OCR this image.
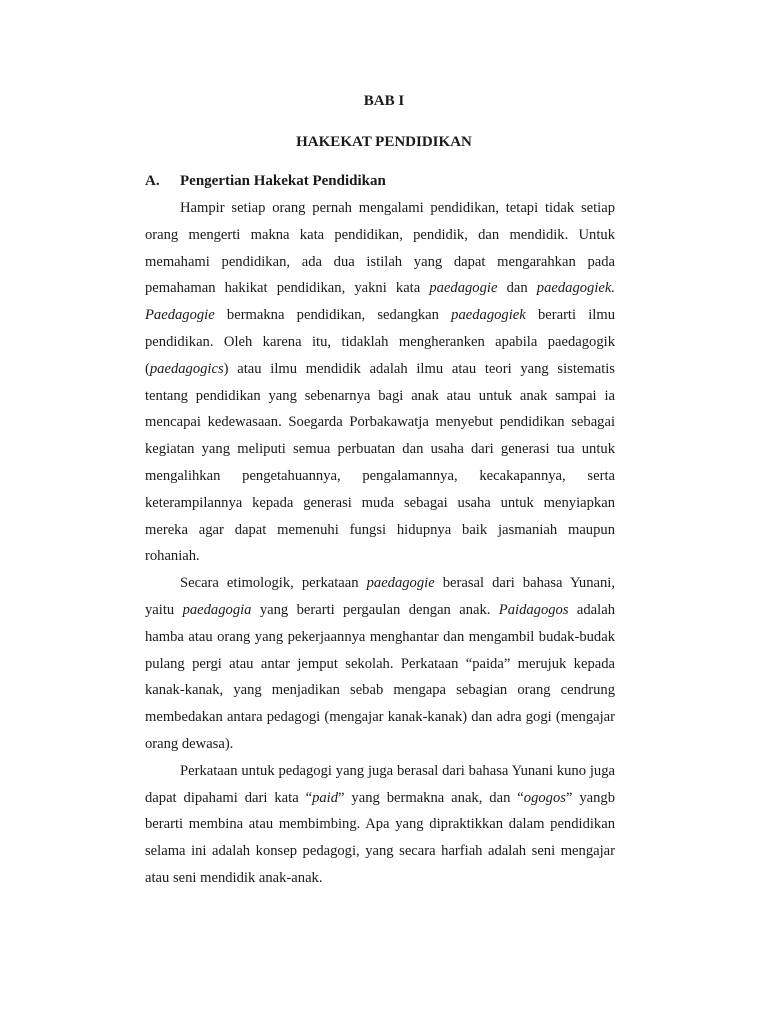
BAB I
HAKEKAT PENDIDIKAN
A.	Pengertian Hakekat Pendidikan

Hampir setiap orang pernah mengalami pendidikan, tetapi tidak setiap orang mengerti makna kata pendidikan, pendidik, dan mendidik. Untuk memahami pendidikan, ada dua istilah yang dapat mengarahkan pada pemahaman hakikat pendidikan, yakni kata paedagogie dan paedagogiek. Paedagogie bermakna pendidikan, sedangkan paedagogiek berarti ilmu pendidikan. Oleh karena itu, tidaklah mengheranken apabila paedagogik (paedagogics) atau ilmu mendidik adalah ilmu atau teori yang sistematis tentang pendidikan yang sebenarnya bagi anak atau untuk anak sampai ia mencapai kedewasaan. Soegarda Porbakawatja menyebut pendidikan sebagai kegiatan yang meliputi semua perbuatan dan usaha dari generasi tua untuk mengalihkan pengetahuannya, pengalamannya, kecakapannya, serta keterampilannya kepada generasi muda sebagai usaha untuk menyiapkan mereka agar dapat memenuhi fungsi hidupnya baik jasmaniah maupun rohaniah.

Secara etimologik, perkataan paedagogie berasal dari bahasa Yunani, yaitu paedagogia yang berarti pergaulan dengan anak. Paidagogos adalah hamba atau orang yang pekerjaannya menghantar dan mengambil budak-budak pulang pergi atau antar jemput sekolah. Perkataan “paida” merujuk kepada kanak-kanak, yang menjadikan sebab mengapa sebagian orang cendrung membedakan antara pedagogi (mengajar kanak-kanak) dan adra gogi (mengajar orang dewasa).

Perkataan untuk pedagogi yang juga berasal dari bahasa Yunani kuno juga dapat dipahami dari kata “paid” yang bermakna anak, dan “ogogos” yangb berarti membina atau membimbing. Apa yang dipraktikkan dalam pendidikan selama ini adalah konsep pedagogi, yang secara harfiah adalah seni mengajar atau seni mendidik anak-anak.
